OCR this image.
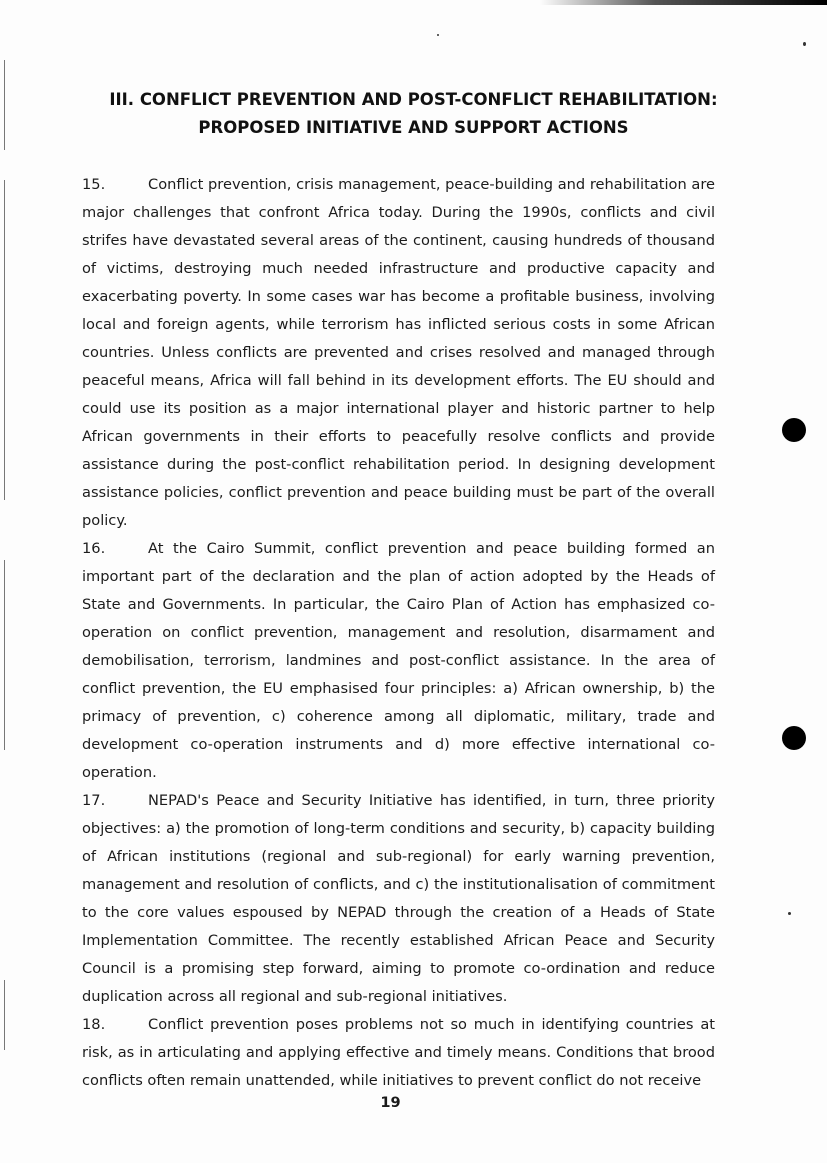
III. CONFLICT PREVENTION AND POST-CONFLICT REHABILITATION:
PROPOSED INITIATIVE AND SUPPORT ACTIONS

15.	Conflict prevention, crisis management, peace-building and rehabilitation are major challenges that confront Africa today. During the 1990s, conflicts and civil strifes have devastated several areas of the continent, causing hundreds of thousand of victims, destroying much needed infrastructure and productive capacity and exacerbating poverty. In some cases war has become a profitable business, involving local and foreign agents, while terrorism has inflicted serious costs in some African countries. Unless conflicts are prevented and crises resolved and managed through peaceful means, Africa will fall behind in its development efforts. The EU should and could use its position as a major international player and historic partner to help African governments in their efforts to peacefully resolve conflicts and provide assistance during the post-conflict rehabilitation period. In designing development assistance policies, conflict prevention and peace building must be part of the overall policy.

16.	At the Cairo Summit, conflict prevention and peace building formed an important part of the declaration and the plan of action adopted by the Heads of State and Governments. In particular, the Cairo Plan of Action has emphasized co-operation on conflict prevention, management and resolution, disarmament and demobilisation, terrorism, landmines and post-conflict assistance. In the area of conflict prevention, the EU emphasised four principles: a) African ownership, b) the primacy of prevention, c) coherence among all diplomatic, military, trade and development co-operation instruments and d) more effective international co-operation.

17.	NEPAD's Peace and Security Initiative has identified, in turn, three priority objectives: a) the promotion of long-term conditions and security, b) capacity building of African institutions (regional and sub-regional) for early warning prevention, management and resolution of conflicts, and c) the institutionalisation of commitment to the core values espoused by NEPAD through the creation of a Heads of State Implementation Committee. The recently established African Peace and Security Council is a promising step forward, aiming to promote co-ordination and reduce duplication across all regional and sub-regional initiatives.

18.	Conflict prevention poses problems not so much in identifying countries at risk, as in articulating and applying effective and timely means. Conditions that brood conflicts often remain unattended, while initiatives to prevent conflict do not receive

19
